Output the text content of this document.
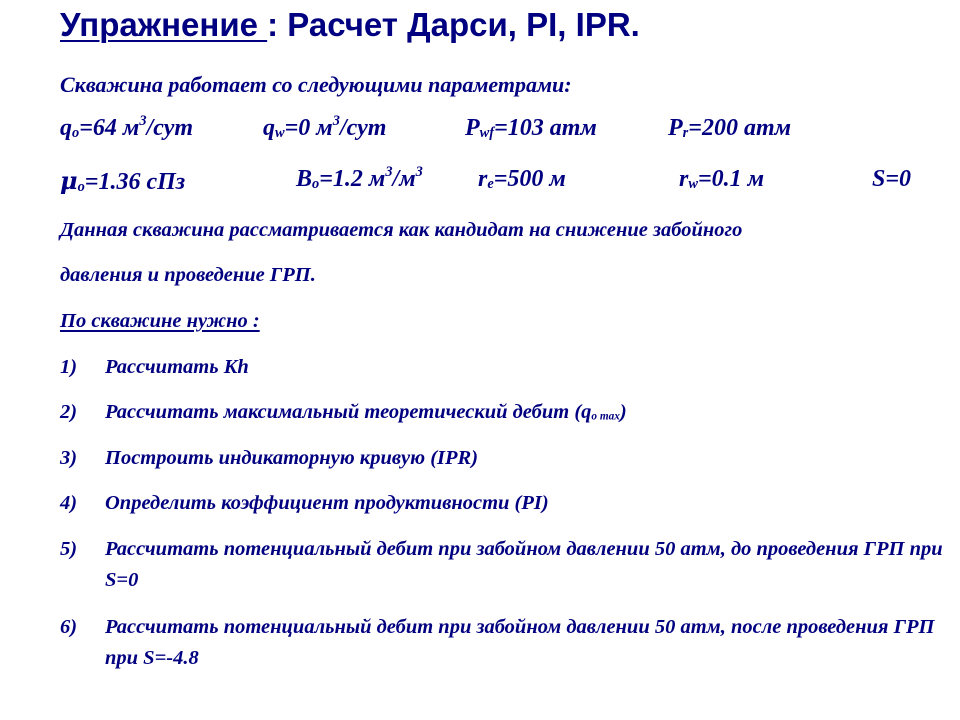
Упражнение : Расчет Дарси, PI, IPR.
Скважина работает со следующими параметрами:
$q_o=64$ $м^3$/сут	$q_w=0$ $м^3$/сут	$P_{wf}=103$ атм	$P_r=200$ атм
$\mu_o=1.36$ сПз	$B_o=1.2$ $м^3/м^3$ $r_e=500$ м	$r_w=0.1$ м	S=0
Данная скважина рассматривается как кандидат на снижение забойного
давления и проведение ГРП.
По скважине нужно :
1) Рассчитать Kh
2) Рассчитать максимальный теоретический дебит $(q_{o max})$
3) Построить индикаторную кривую (IPR)
4) Определить коэффициент продуктивности (PI)
5) Рассчитать потенциальный дебит при забойном давлении 50 атм, до проведения ГРП при S=0
6) Рассчитать потенциальный дебит при забойном давлении 50 атм, после проведения ГРП при S=-4.8
